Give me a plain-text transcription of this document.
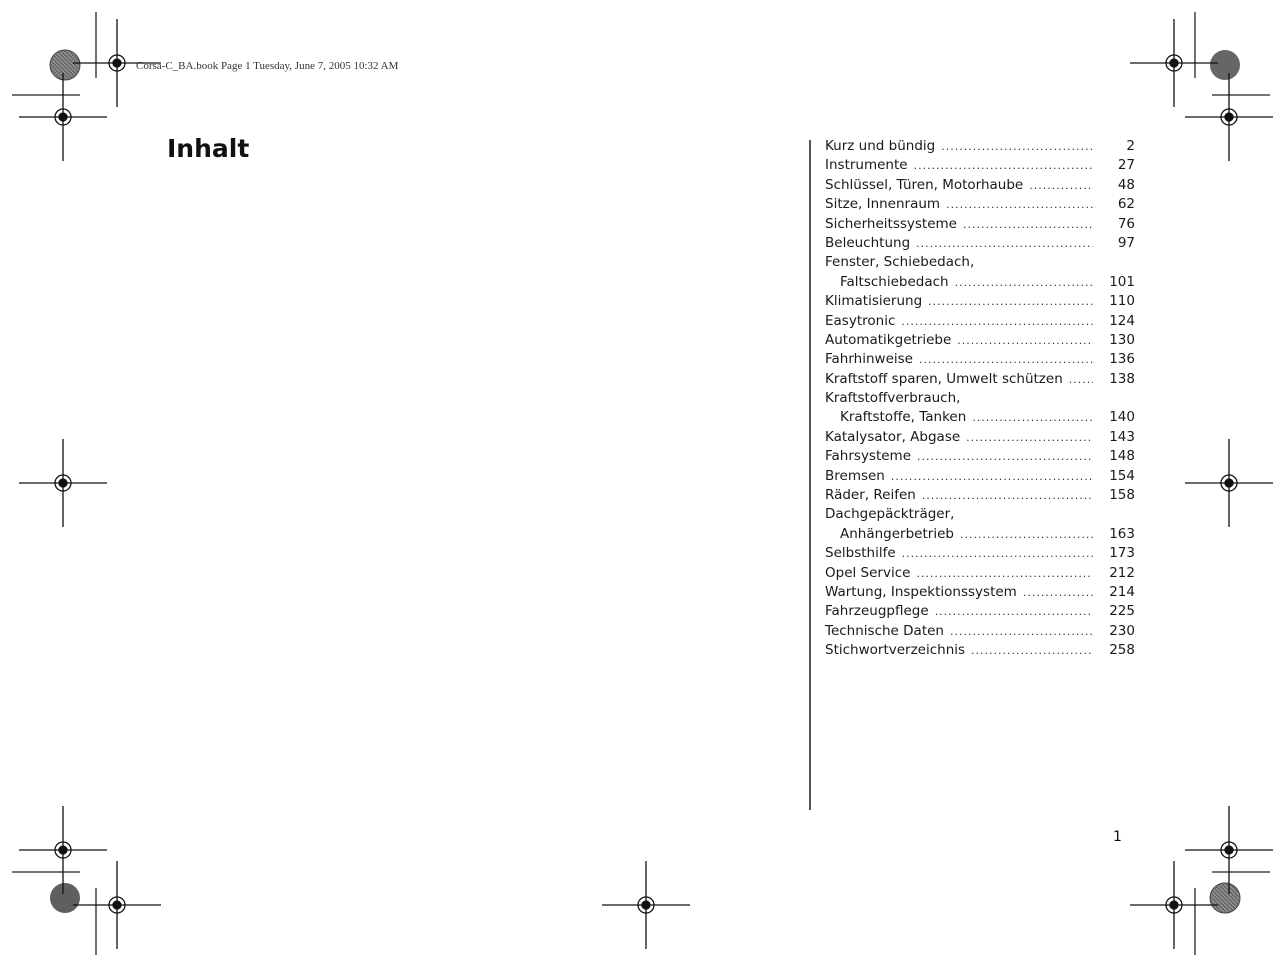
Corsa-C_BA.book Page 1 Tuesday, June 7, 2005 10:32 AM
Inhalt	Kurz und bündig .....	2
Instrumente .....	27
Schlüssel, Türen, Motorhaube .....	48
Sitze, Innenraum .....	62
Sicherheitssysteme .....	76
Beleuchtung .....	97
Fenster, Schiebedach,
Faltschiebedach .....	101
Klimatisierung .....	110
Easytronic .....	124
Automatikgetriebe .....	130
Fahrhinweise .....	136
Kraftstoff sparen, Umwelt schützen .....	138
Kraftstoffverbrauch,
Kraftstoffe, Tanken .....	140
Katalysator, Abgase .....	143
Fahrsysteme .....	148
Bremsen .....	154
Räder, Reifen .....	158
Dachgepäckträger,
Anhängerbetrieb .....	163
Selbsthilfe .....	173
Opel Service .....	212
Wartung, Inspektionssystem .....	214
Fahrzeugpflege .....	225
Technische Daten .....	230
Stichwortverzeichnis .....	258
1
